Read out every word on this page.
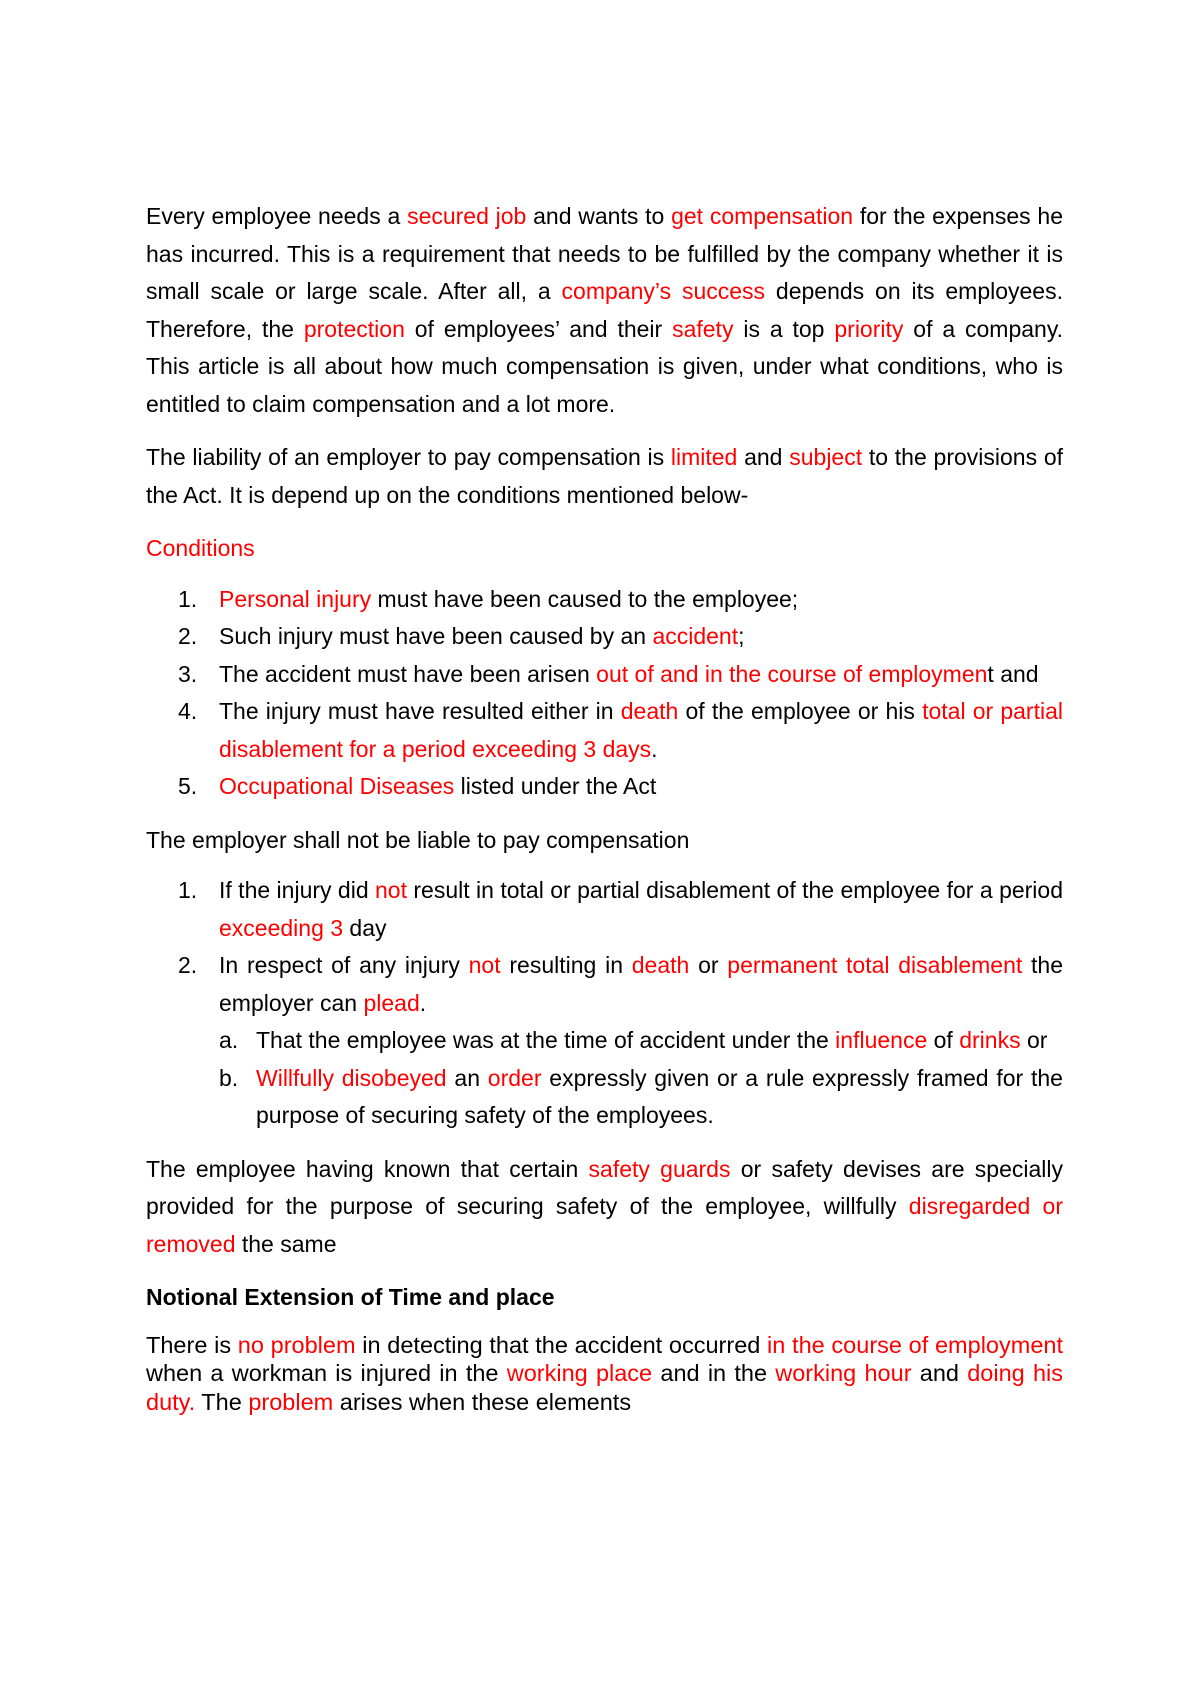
Every employee needs a secured job and wants to get compensation for the expenses he has incurred. This is a requirement that needs to be fulfilled by the company whether it is small scale or large scale. After all, a company’s success depends on its employees. Therefore, the protection of employees’ and their safety is a top priority of a company. This article is all about how much compensation is given, under what conditions, who is entitled to claim compensation and a lot more.

The liability of an employer to pay compensation is limited and subject to the provisions of the Act. It is depend up on the conditions mentioned below-

Conditions

1. Personal injury must have been caused to the employee;
2. Such injury must have been caused by an accident;
3. The accident must have been arisen out of and in the course of employment and
4. The injury must have resulted either in death of the employee or his total or partial disablement for a period exceeding 3 days.
5. Occupational Diseases listed under the Act

The employer shall not be liable to pay compensation

1. If the injury did not result in total or partial disablement of the employee for a period exceeding 3 day
2. In respect of any injury not resulting in death or permanent total disablement the employer can plead.
a. That the employee was at the time of accident under the influence of drinks or
b. Willfully disobeyed an order expressly given or a rule expressly framed for the purpose of securing safety of the employees.

The employee having known that certain safety guards or safety devises are specially provided for the purpose of securing safety of the employee, willfully disregarded or removed the same

Notional Extension of Time and place

There is no problem in detecting that the accident occurred in the course of employment when a workman is injured in the working place and in the working hour and doing his duty. The problem arises when these elements
